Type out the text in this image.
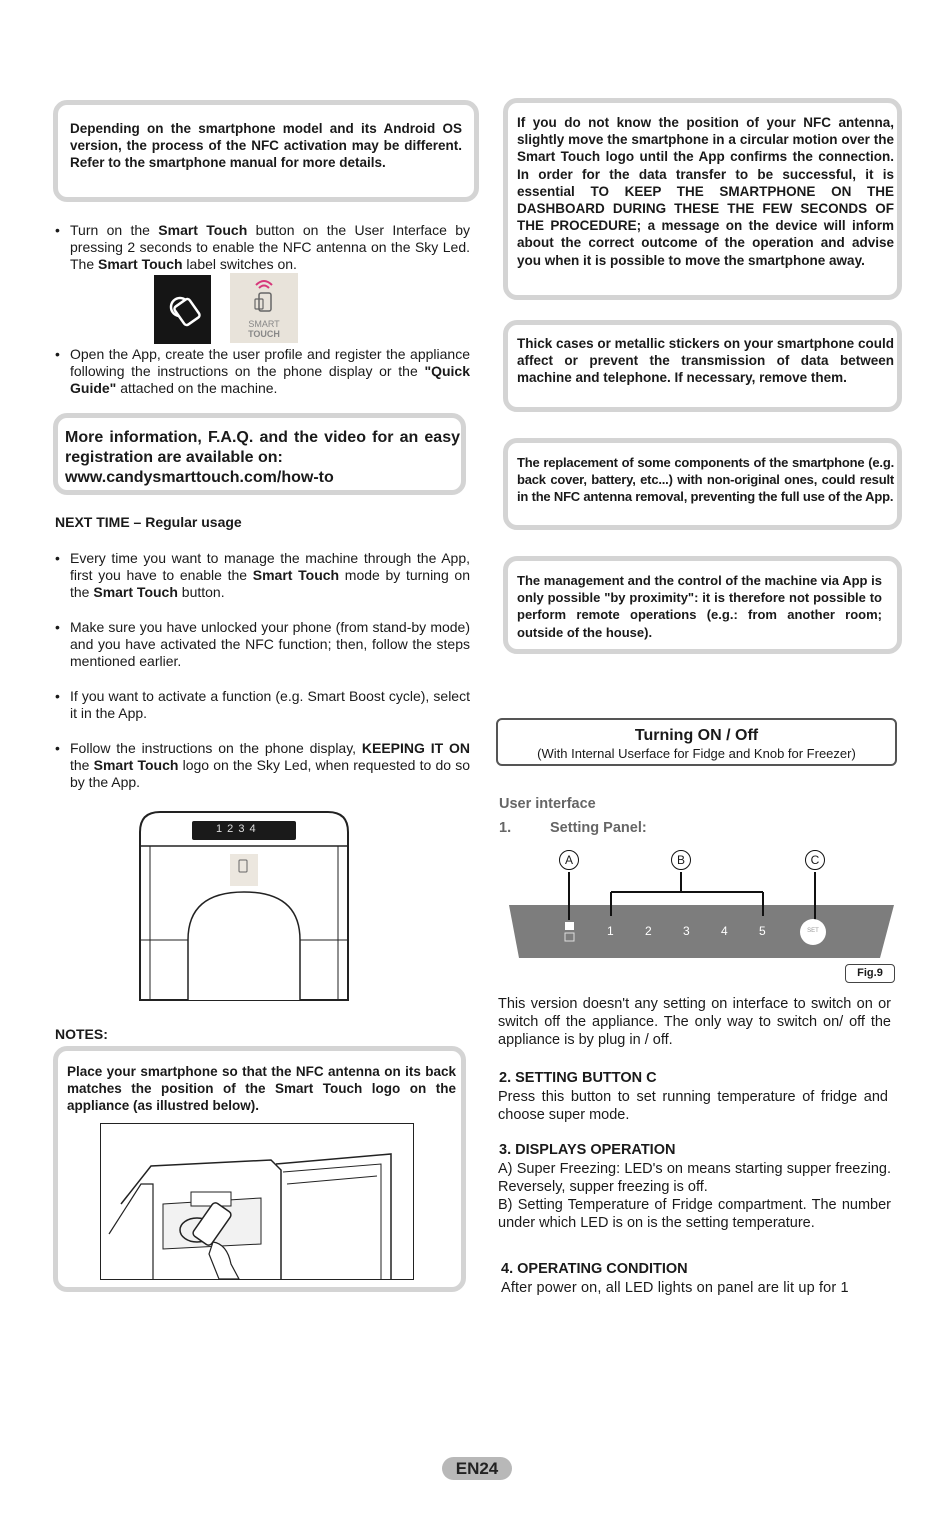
Depending on the smartphone model and its Android OS version, the process of the NFC activation may be different. Refer to the smartphone manual for more details.
• Turn on the Smart Touch button on the User Interface by pressing 2 seconds to enable the NFC antenna on the Sky Led. The Smart Touch label switches on.
SMART
TOUCH
• Open the App, create the user profile and register the appliance following the instructions on the phone display or the "Quick Guide" attached on the machine.
More information, F.A.Q. and the video for an easy registration are available on:
www.candysmarttouch.com/how-to
NEXT TIME – Regular usage
• Every time you want to manage the machine through the App, first you have to enable the Smart Touch mode by turning on the Smart Touch button.
• Make sure you have unlocked your phone (from stand-by mode) and you have activated the NFC function; then, follow the steps mentioned earlier.
• If you want to activate a function (e.g. Smart Boost cycle), select it in the App.
• Follow the instructions on the phone display, KEEPING IT ON the Smart Touch logo on the Sky Led, when requested to do so by the App.
1 2 3 4
NOTES:
Place your smartphone so that the NFC antenna on its back matches the position of the Smart Touch logo on the appliance (as illustred below).
If you do not know the position of your NFC antenna, slightly move the smartphone in a circular motion over the Smart Touch logo until the App confirms the connection. In order for the data transfer to be successful, it is essential TO KEEP THE SMARTPHONE ON THE DASHBOARD DURING THESE THE FEW SECONDS OF THE PROCEDURE; a message on the device will inform about the correct outcome of the operation and advise you when it is possible to move the smartphone away.
Thick cases or metallic stickers on your smartphone could affect or prevent the transmission of data between machine and telephone. If necessary, remove them.
The replacement of some components of the smartphone (e.g. back cover, battery, etc...) with non-original ones, could result in the NFC antenna removal, preventing the full use of the App.
The management and the control of the machine via App is only possible "by proximity": it is therefore not possible to perform remote operations (e.g.: from another room; outside of the house).
Turning ON / Off
(With Internal Userface for Fidge and Knob for Freezer)
User interface
1.	Setting Panel:
A	B	C
1	2	3	4	5	SET
Fig.9
This version doesn't any setting on interface to switch on or switch off the appliance. The only way to switch on/ off the appliance is by plug in / off.
2. SETTING BUTTON C
Press this button to set running temperature of fridge and choose super mode.
3. DISPLAYS OPERATION
A) Super Freezing: LED's on means starting supper freezing. Reversely, supper freezing is off.
B) Setting Temperature of Fridge compartment. The number under which LED is on is the setting temperature.
4. OPERATING CONDITION
After power on, all LED lights on panel are lit up for 1
EN24
